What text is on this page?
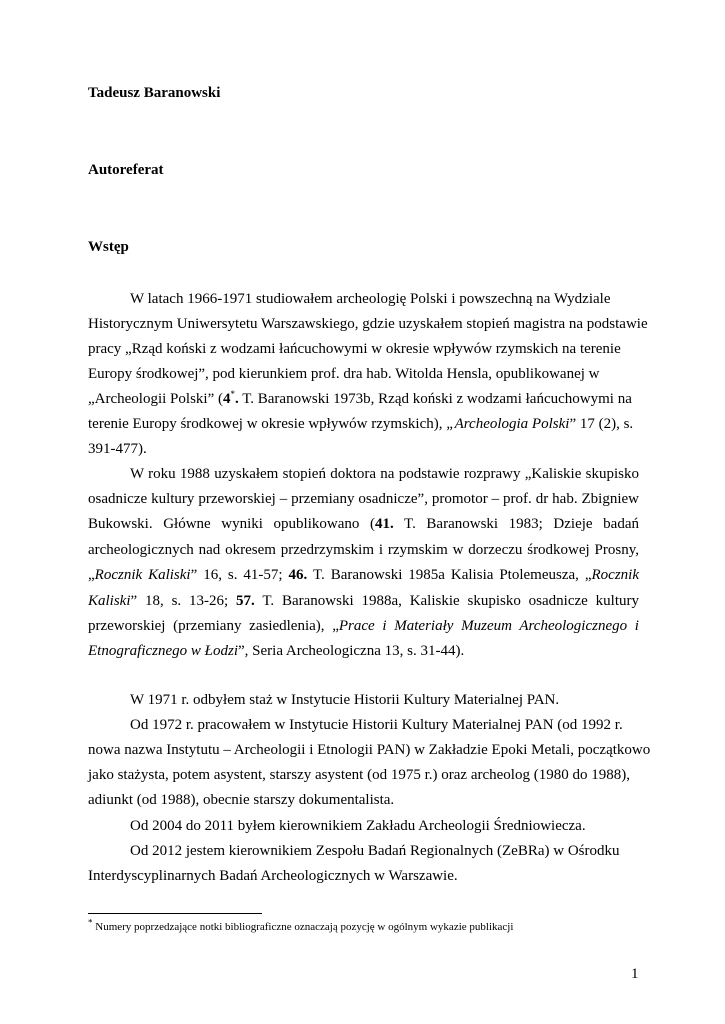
Tadeusz Baranowski

Autoreferat

Wstęp

W latach 1966-1971 studiowałem archeologię Polski i powszechną na Wydziale

Historycznym Uniwersytetu Warszawskiego, gdzie uzyskałem stopień magistra na podstawie

pracy „Rząd koński z wodzami łańcuchowymi w okresie wpływów rzymskich na terenie

Europy środkowej”, pod kierunkiem prof. dra hab. Witolda Hensla, opublikowanej w

„Archeologii Polski” (4*. T. Baranowski 1973b, Rząd koński z wodzami łańcuchowymi na

terenie Europy środkowej w okresie wpływów rzymskich), „Archeologia Polski” 17 (2), s.

391-477).

W roku 1988 uzyskałem stopień doktora na podstawie rozprawy „Kaliskie skupisko

osadnicze kultury przeworskiej – przemiany osadnicze”, promotor – prof. dr hab. Zbigniew

Bukowski. Główne wyniki opublikowano (41. T. Baranowski 1983; Dzieje badań

archeologicznych nad okresem przedrzymskim i rzymskim w dorzeczu środkowej Prosny,

„Rocznik Kaliski” 16, s. 41-57; 46. T. Baranowski 1985a Kalisia Ptolemeusza, „Rocznik

Kaliski” 18, s. 13-26; 57. T. Baranowski 1988a, Kaliskie skupisko osadnicze kultury

przeworskiej (przemiany zasiedlenia), „Prace i Materiały Muzeum Archeologicznego i

Etnograficznego w Łodzi”, Seria Archeologiczna 13, s. 31-44).

W 1971 r. odbyłem staż w Instytucie Historii Kultury Materialnej PAN.

Od 1972 r. pracowałem w Instytucie Historii Kultury Materialnej PAN (od 1992 r.

nowa nazwa Instytutu – Archeologii i Etnologii PAN) w Zakładzie Epoki Metali, początkowo

jako stażysta, potem asystent, starszy asystent (od 1975 r.) oraz archeolog (1980 do 1988),

adiunkt (od 1988), obecnie starszy dokumentalista.

Od 2004 do 2011 byłem kierownikiem Zakładu Archeologii Średniowiecza.

Od 2012 jestem kierownikiem Zespołu Badań Regionalnych (ZeBRa) w Ośrodku

Interdyscyplinarnych Badań Archeologicznych w Warszawie.

* Numery poprzedzające notki bibliograficzne oznaczają pozycję w ogólnym wykazie publikacji
1
